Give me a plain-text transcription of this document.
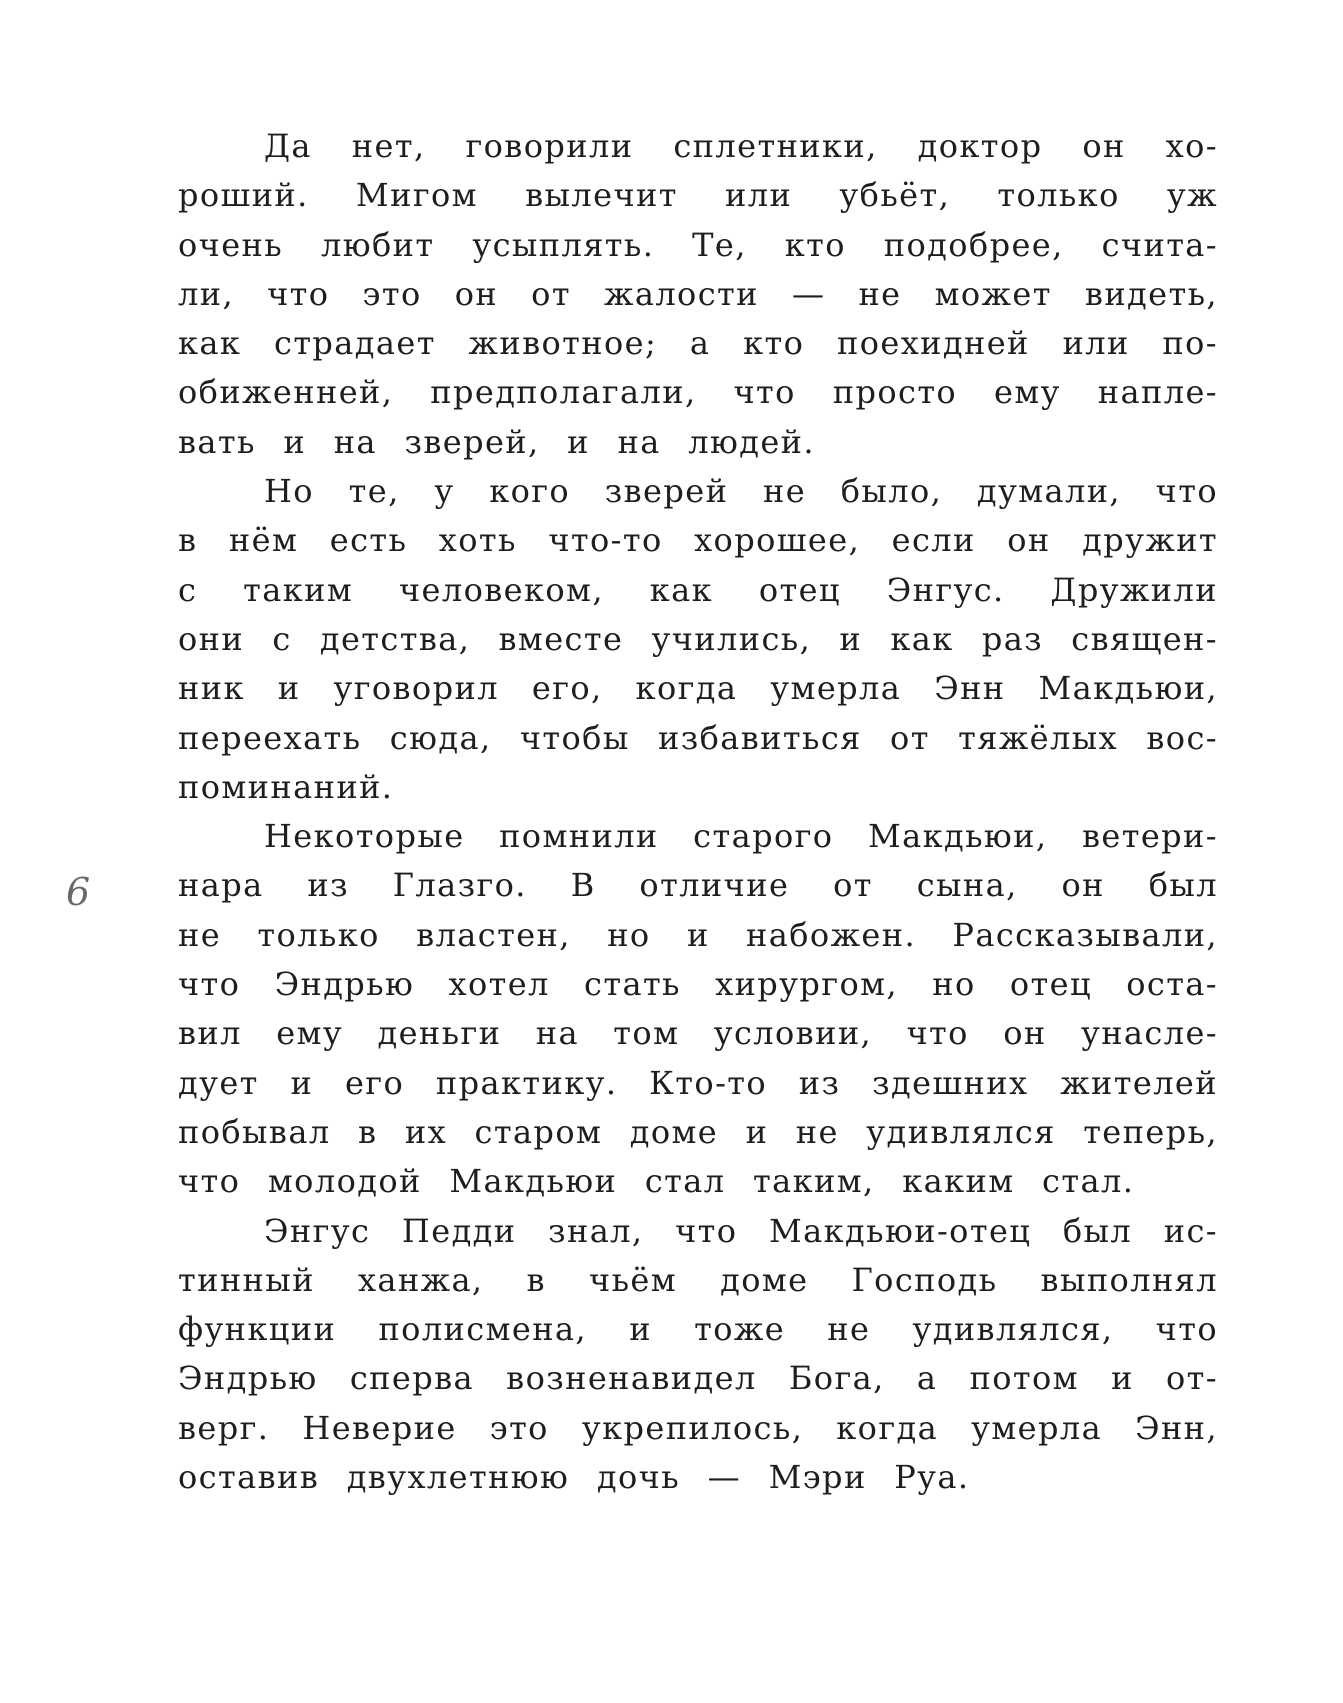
6
Да нет, говорили сплетники, доктор он хо-
роший. Мигом вылечит или убьёт, только уж
очень любит усыплять. Те, кто подобрее, счита-
ли, что это он от жалости — не может видеть,
как страдает животное; а кто поехидней или по-
обиженней, предполагали, что просто ему напле-
вать и на зверей, и на людей.
Но те, у кого зверей не было, думали, что
в нём есть хоть что-то хорошее, если он дружит
с таким человеком, как отец Энгус. Дружили
они с детства, вместе учились, и как раз священ-
ник и уговорил его, когда умерла Энн Макдьюи,
переехать сюда, чтобы избавиться от тяжёлых вос-
поминаний.
Некоторые помнили старого Макдьюи, ветери-
нара из Глазго. В отличие от сына, он был
не только властен, но и набожен. Рассказывали,
что Эндрью хотел стать хирургом, но отец оста-
вил ему деньги на том условии, что он унасле-
дует и его практику. Кто-то из здешних жителей
побывал в их старом доме и не удивлялся теперь,
что молодой Макдьюи стал таким, каким стал.
Энгус Педди знал, что Макдьюи-отец был ис-
тинный ханжа, в чьём доме Господь выполнял
функции полисмена, и тоже не удивлялся, что
Эндрью сперва возненавидел Бога, а потом и от-
верг. Неверие это укрепилось, когда умерла Энн,
оставив двухлетнюю дочь — Мэри Руа.
